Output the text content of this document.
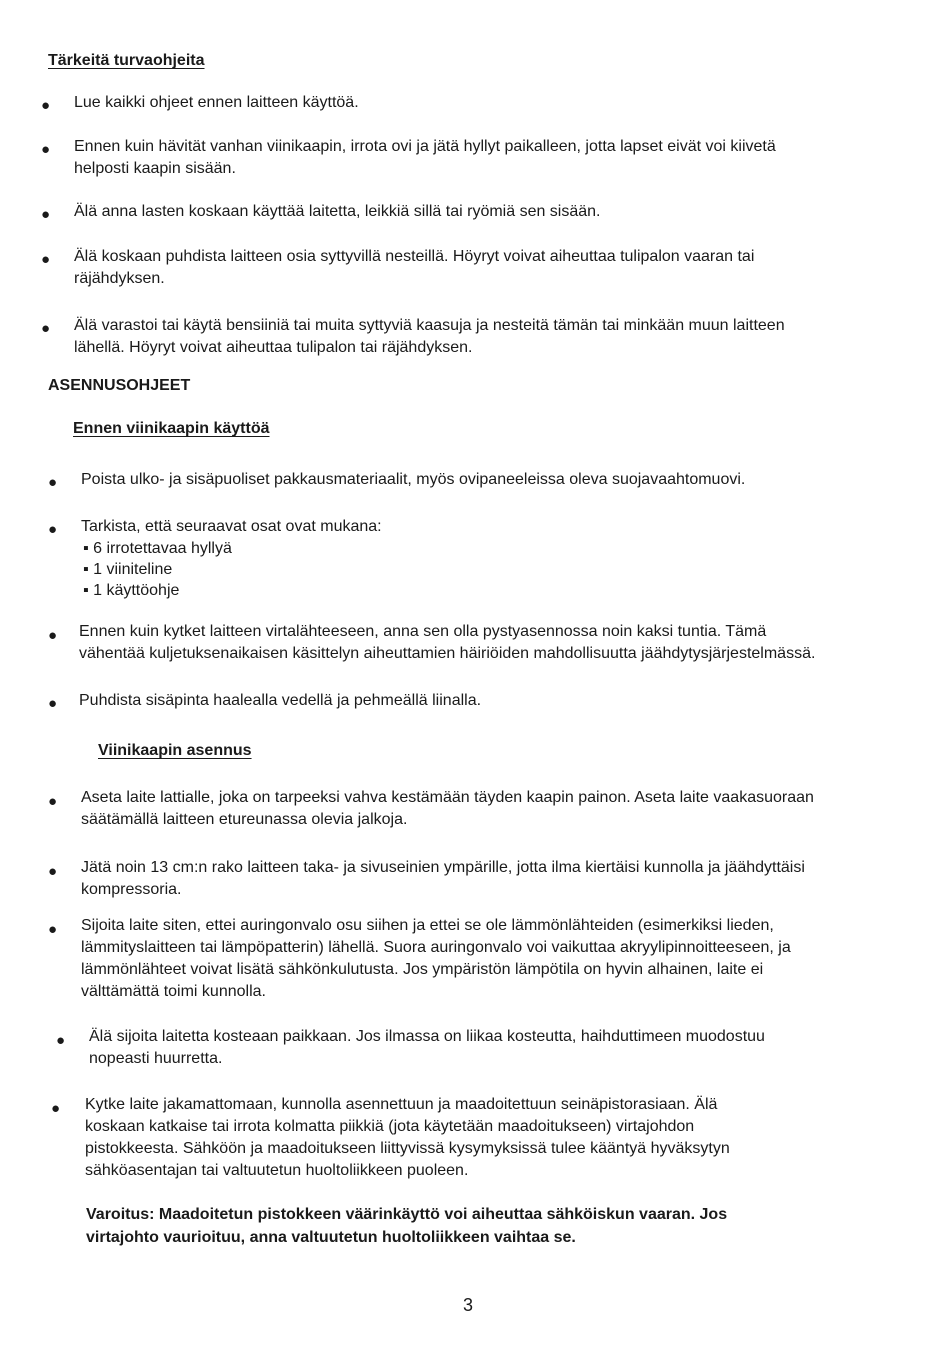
Tärkeitä turvaohjeita
● Lue kaikki ohjeet ennen laitteen käyttöä.
● Ennen kuin hävität vanhan viinikaapin, irrota ovi ja jätä hyllyt paikalleen, jotta lapset eivät voi kiivetä
helposti kaapin sisään.
● Älä anna lasten koskaan käyttää laitetta, leikkiä sillä tai ryömiä sen sisään.
● Älä koskaan puhdista laitteen osia syttyvillä nesteillä. Höyryt voivat aiheuttaa tulipalon vaaran tai
räjähdyksen.
● Älä varastoi tai käytä bensiiniä tai muita syttyviä kaasuja ja nesteitä tämän tai minkään muun laitteen
lähellä. Höyryt voivat aiheuttaa tulipalon tai räjähdyksen.
ASENNUSOHJEET
Ennen viinikaapin käyttöä
● Poista ulko- ja sisäpuoliset pakkausmateriaalit, myös ovipaneeleissa oleva suojavaahtomuovi.
● Tarkista, että seuraavat osat ovat mukana:
▪ 6 irrotettavaa hyllyä
▪ 1 viiniteline
▪ 1 käyttöohje
● Ennen kuin kytket laitteen virtalähteeseen, anna sen olla pystyasennossa noin kaksi tuntia. Tämä
vähentää kuljetuksenaikaisen käsittelyn aiheuttamien häiriöiden mahdollisuutta jäähdytysjärjestelmässä.
● Puhdista sisäpinta haalealla vedellä ja pehmeällä liinalla.
Viinikaapin asennus
● Aseta laite lattialle, joka on tarpeeksi vahva kestämään täyden kaapin painon. Aseta laite vaakasuoraan
säätämällä laitteen etureunassa olevia jalkoja.
● Jätä noin 13 cm:n rako laitteen taka- ja sivuseinien ympärille, jotta ilma kiertäisi kunnolla ja jäähdyttäisi
kompressoria.
● Sijoita laite siten, ettei auringonvalo osu siihen ja ettei se ole lämmönlähteiden (esimerkiksi lieden,
lämmityslaitteen tai lämpöpatterin) lähellä. Suora auringonvalo voi vaikuttaa akryylipinnoitteeseen, ja
lämmönlähteet voivat lisätä sähkönkulutusta. Jos ympäristön lämpötila on hyvin alhainen, laite ei
välttämättä toimi kunnolla.
● Älä sijoita laitetta kosteaan paikkaan. Jos ilmassa on liikaa kosteutta, haihduttimeen muodostuu
nopeasti huurretta.
● Kytke laite jakamattomaan, kunnolla asennettuun ja maadoitettuun seinäpistorasiaan. Älä
koskaan katkaise tai irrota kolmatta piikkiä (jota käytetään maadoitukseen) virtajohdon
pistokkeesta. Sähköön ja maadoitukseen liittyvissä kysymyksissä tulee kääntyä hyväksytyn
sähköasentajan tai valtuutetun huoltoliikkeen puoleen.
Varoitus: Maadoitetun pistokkeen väärinkäyttö voi aiheuttaa sähköiskun vaaran. Jos
virtajohto vaurioituu, anna valtuutetun huoltoliikkeen vaihtaa se.
3
